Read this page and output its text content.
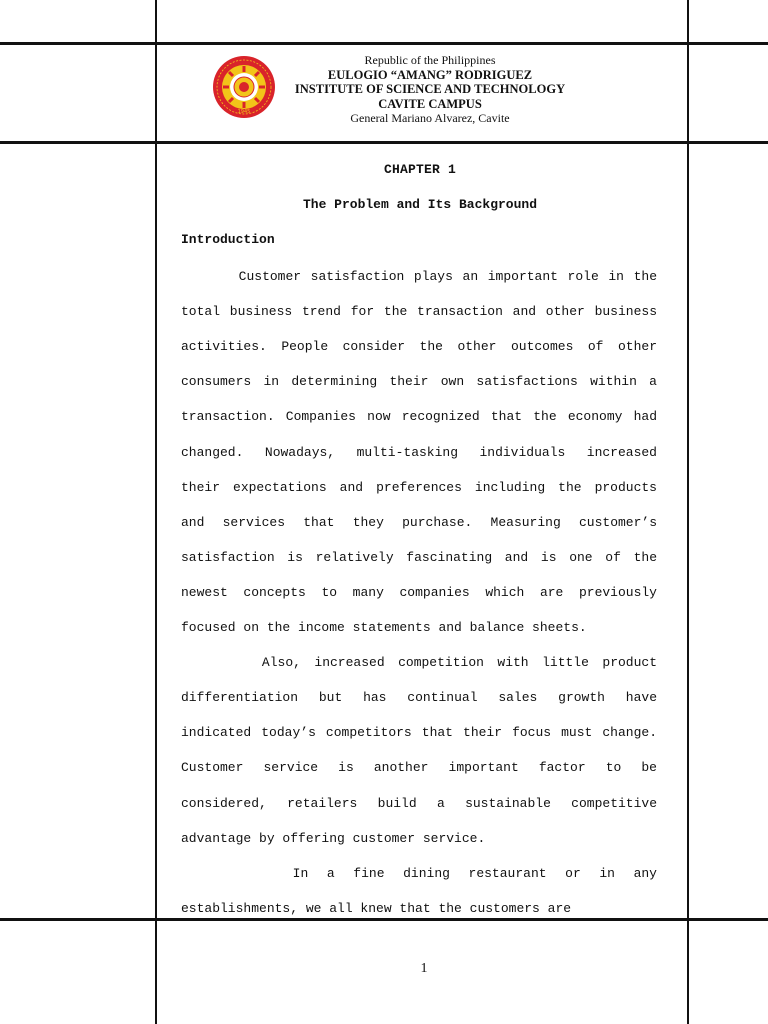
1945
Republic of the Philippines
EULOGIO “AMANG” RODRIGUEZ
INSTITUTE OF SCIENCE AND TECHNOLOGY
CAVITE CAMPUS
General Mariano Alvarez, Cavite
CHAPTER 1
The Problem and Its Background
Introduction
Customer satisfaction plays an important role in the
total business trend for the transaction and other business
activities. People consider the other outcomes of other
consumers in determining their own satisfactions within a
transaction. Companies now recognized that the economy had
changed. Nowadays, multi-tasking individuals increased
their expectations and preferences including the products
and services that they purchase. Measuring customer’s
satisfaction is relatively fascinating and is one of the
newest concepts to many companies which are previously
focused on the income statements and balance sheets.
Also, increased competition with little product
differentiation but has continual sales growth have
indicated today’s competitors that their focus must change.
Customer service is another important factor to be
considered, retailers build a sustainable competitive
advantage by offering customer service.
In a fine dining restaurant or in any
establishments, we all knew that the customers are
1
